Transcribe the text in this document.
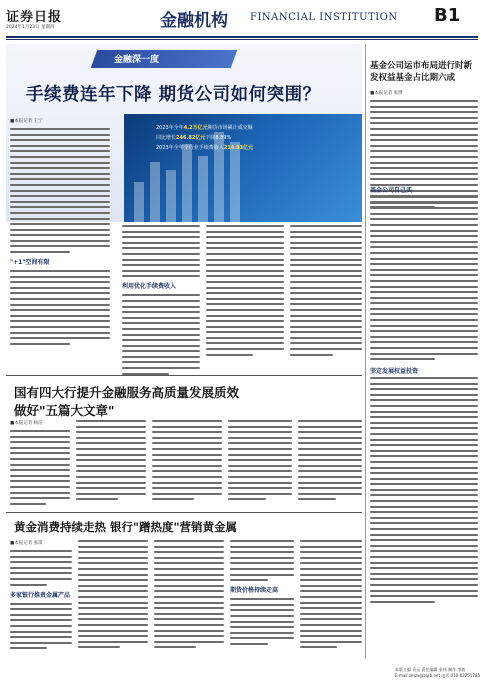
证券日报
2024年1月23日 星期四	金融机构 FINANCIAL INSTITUTION B1
金融深一度
手续费连年下降 期货公司如何突围？
2023年全年4.2万亿元期货市场累计成交额
同比增长246.82亿元下降8.89%
2023年全年全行业手续费收入214.93亿元
■本报记者 王宁
"+1"空间有限
利用优化手续费收入
基金公司运市布局进行时新发权益基金占比期六成
■本报记者 张博
基金公司自己买
坚定发展权益投资
国有四大行提升金融服务高质量发展质效
做好"五篇大文章"
■本报记者 杨洁
黄金消费持续走热 银行"蹭热度"营销黄金属
■本报记者 张琪
多家银行推贵金属产品
期货价格持续走高
本版主编 袁元 责任编辑 张伟 制作 李波
E-mail:zmzx@zqrb.net 电话 010-83251785
